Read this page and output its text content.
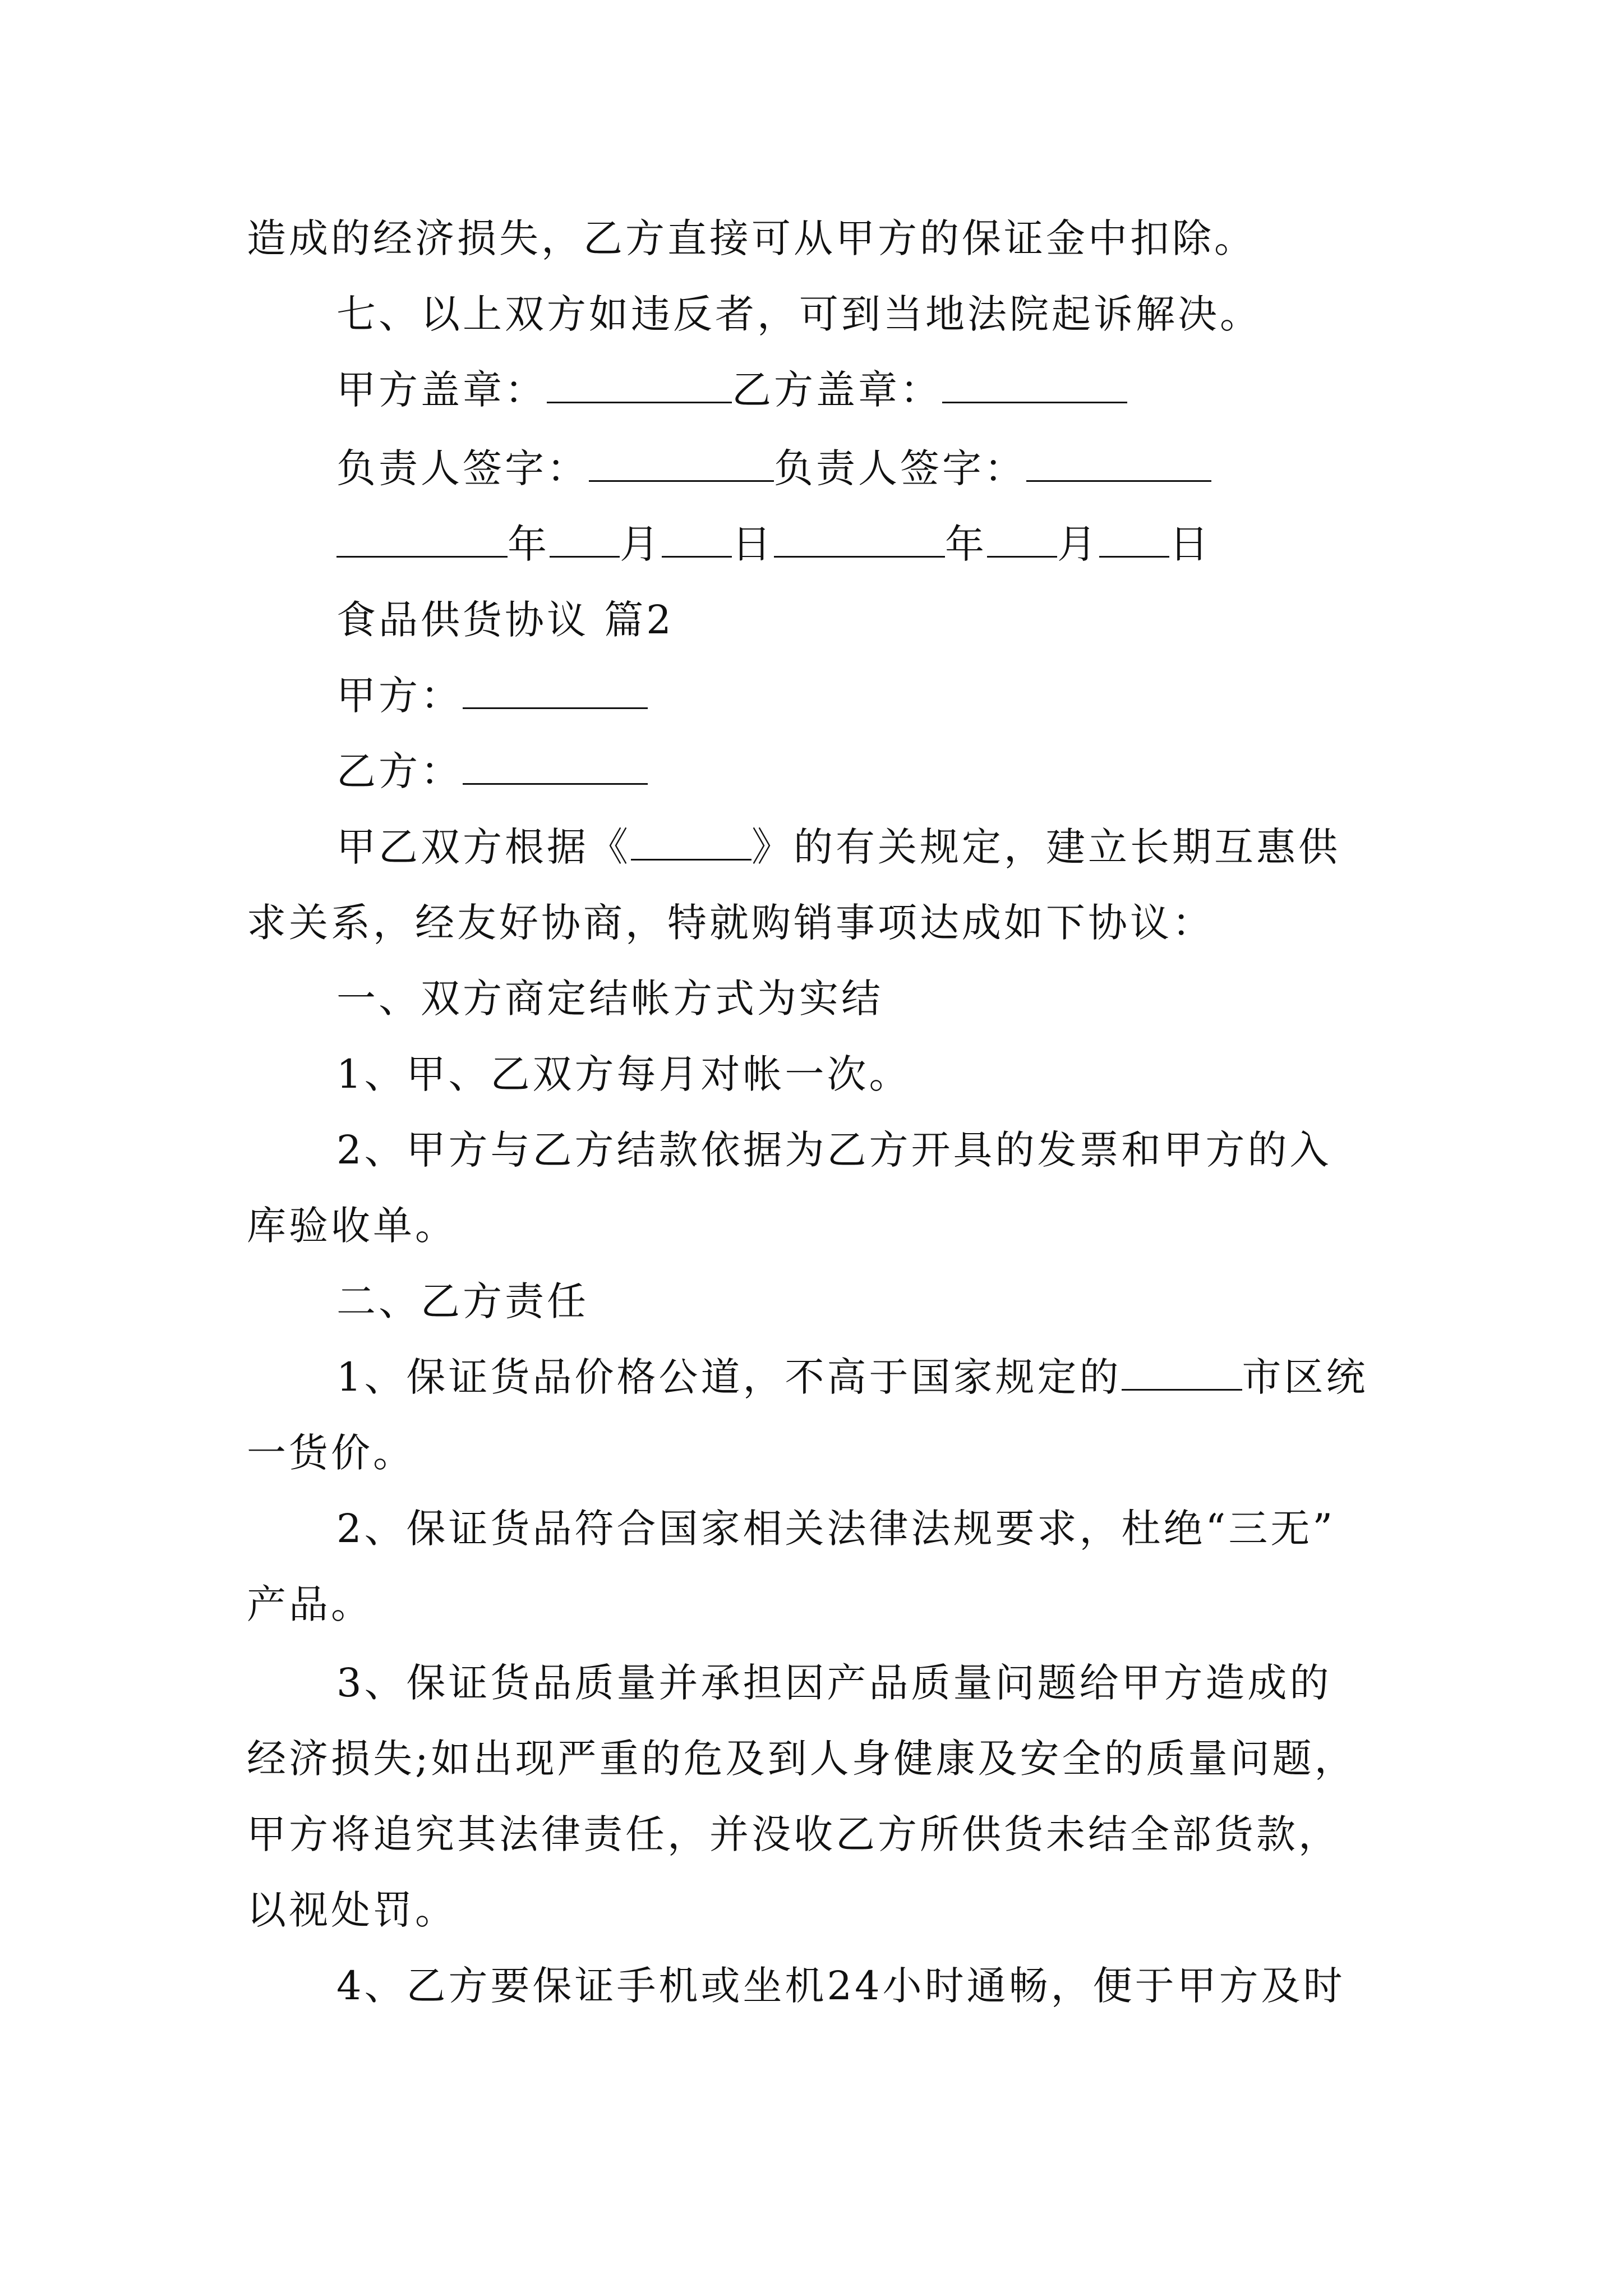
造成的经济损失，乙方直接可从甲方的保证金中扣除。
七、以上双方如违反者，可到当地法院起诉解决。
甲方盖章：	乙方盖章：
负责人签字：	负责人签字：
年 月 日	年 月 日
食品供货协议 篇2
甲方：
乙方：
甲乙双方根据《	》的有关规定，建立长期互惠供
求关系，经友好协商，特就购销事项达成如下协议：
一、双方商定结帐方式为实结
1、甲、乙双方每月对帐一次。
2、甲方与乙方结款依据为乙方开具的发票和甲方的入
库验收单。
二、乙方责任
1、保证货品价格公道，不高于国家规定的	市区统
一货价。
2、保证货品符合国家相关法律法规要求，杜绝“三无”
产品。
3、保证货品质量并承担因产品质量问题给甲方造成的
经济损失;如出现严重的危及到人身健康及安全的质量问题，
甲方将追究其法律责任，并没收乙方所供货未结全部货款，
以视处罚。
4、乙方要保证手机或坐机24小时通畅，便于甲方及时
